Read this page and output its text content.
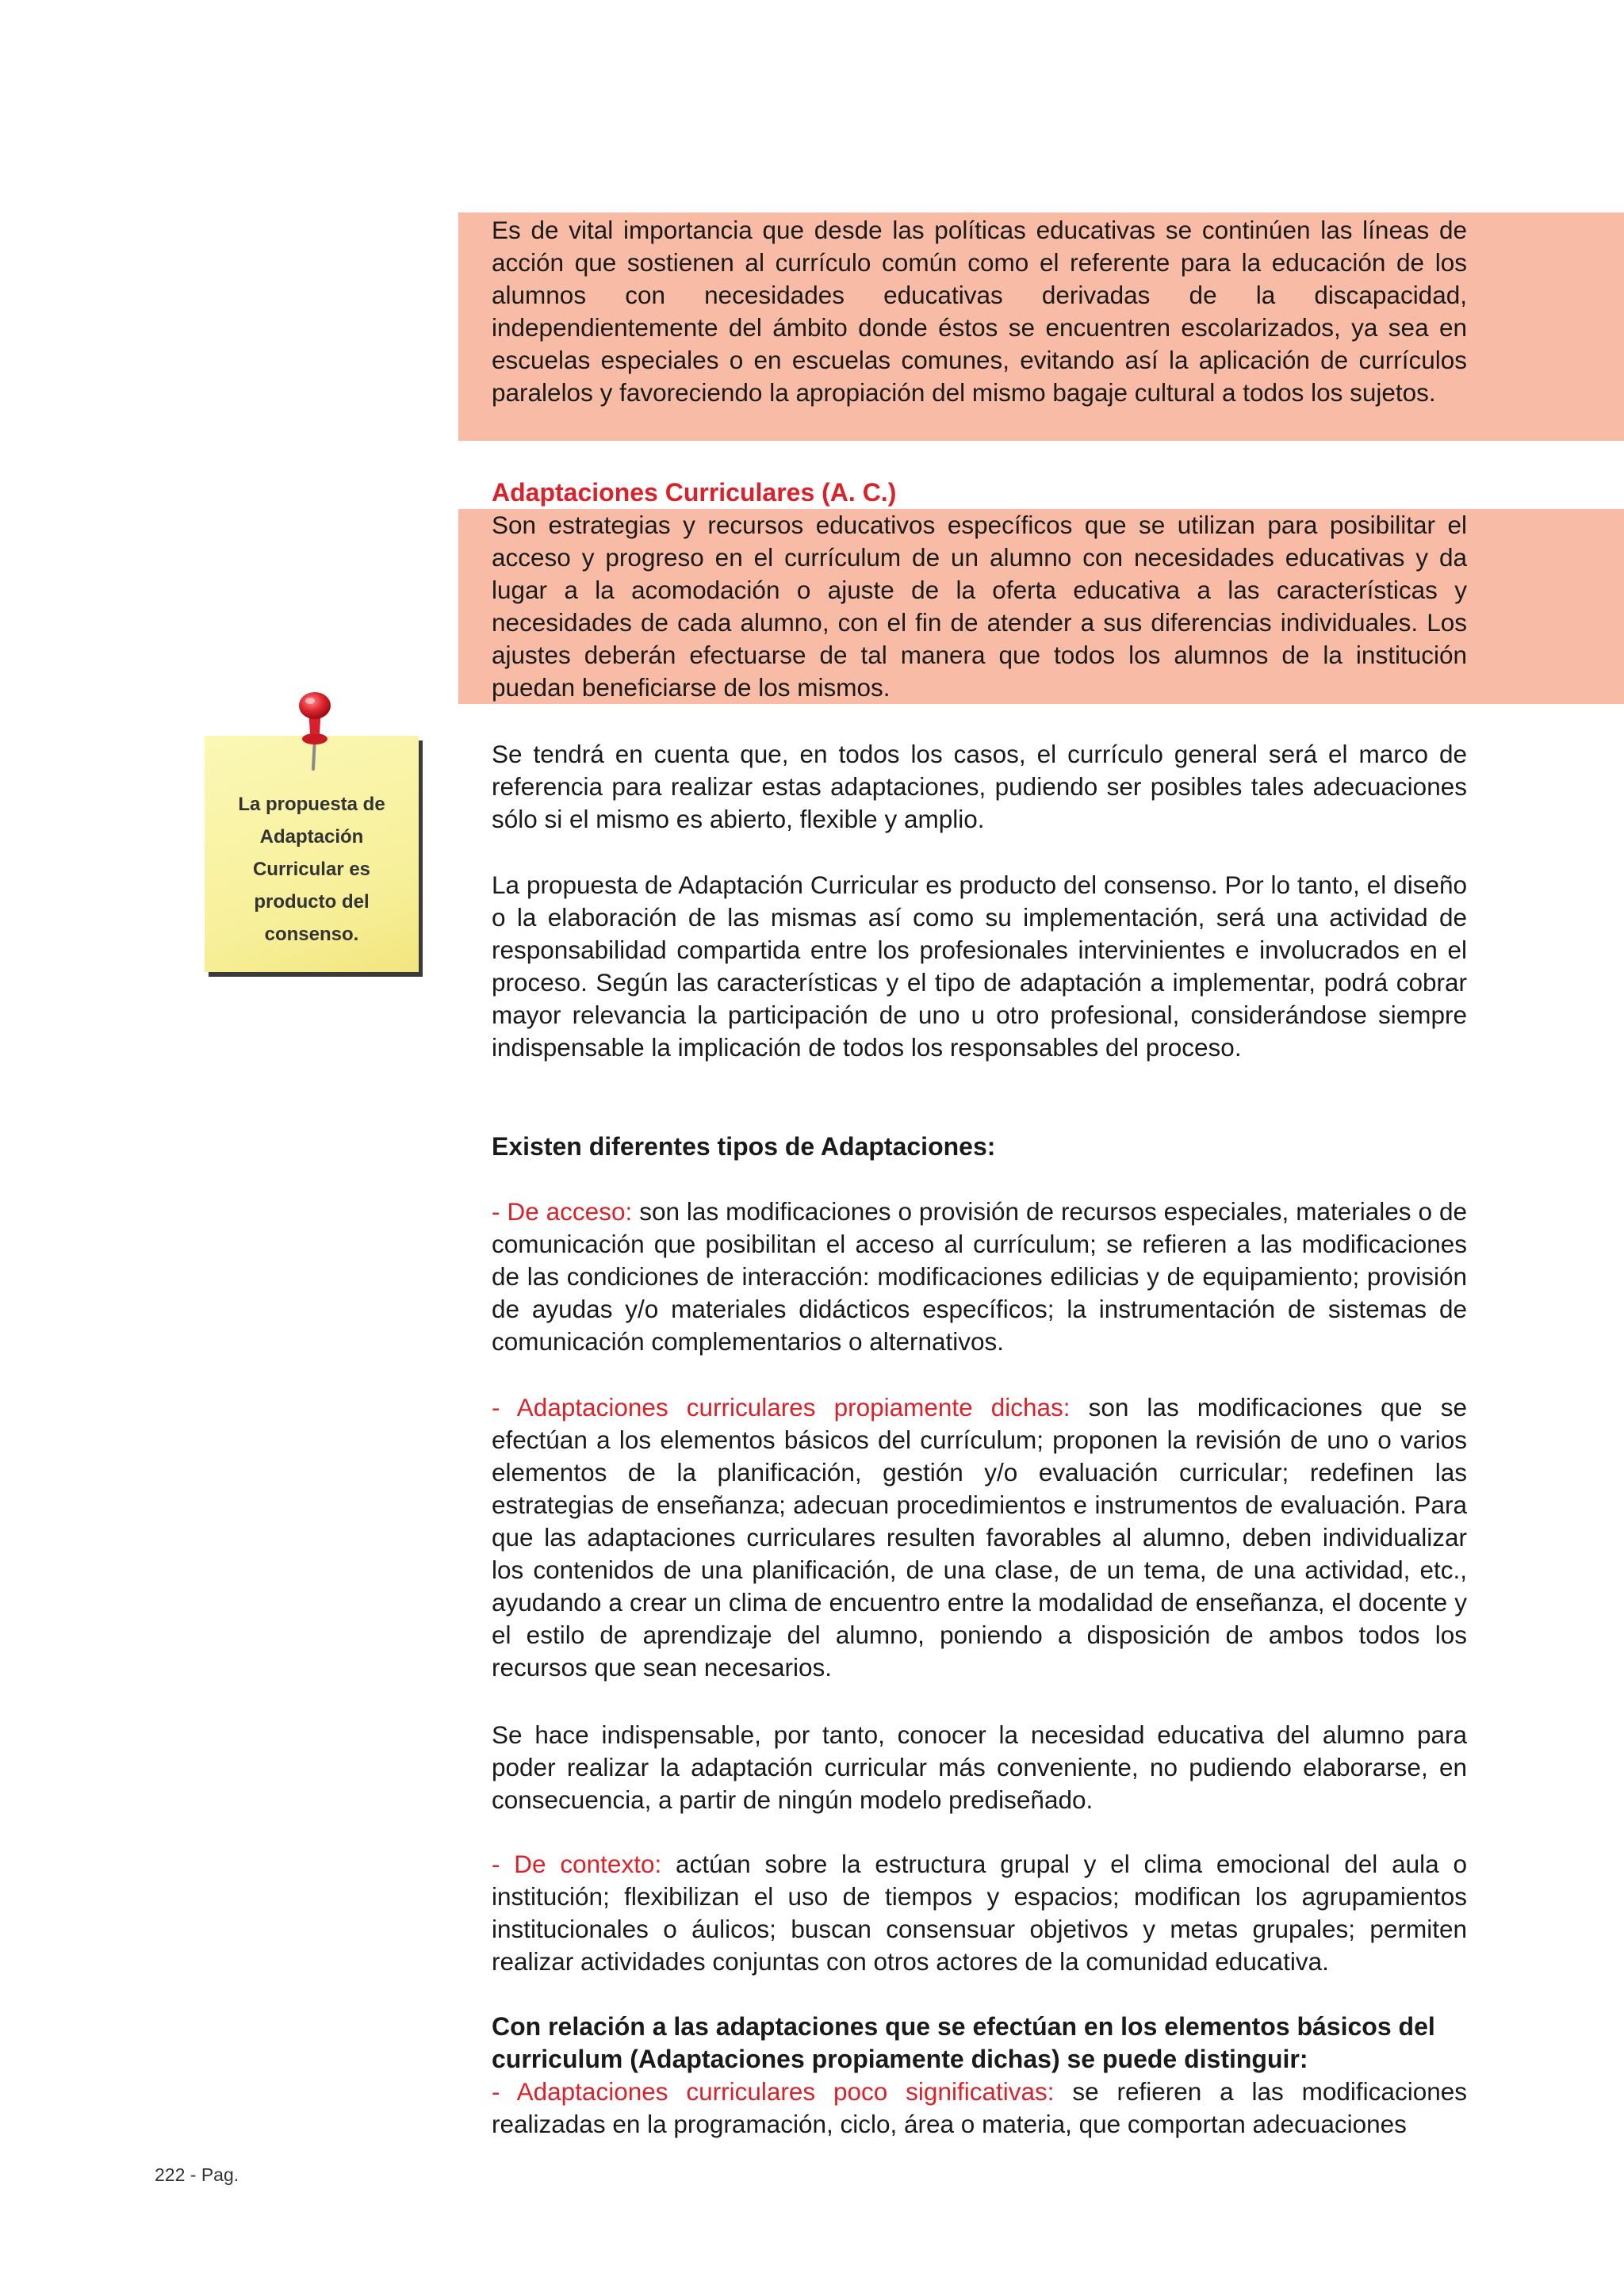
Es de vital importancia que desde las políticas educativas se continúen las líneas de acción que sostienen al currículo común como el referente para la educación de los alumnos con necesidades educativas derivadas de la discapacidad, independientemente del ámbito donde éstos se encuentren escolarizados, ya sea en escuelas especiales o en escuelas comunes, evitando así la aplicación de currículos paralelos y favoreciendo la apropiación del mismo bagaje cultural a todos los sujetos.

Adaptaciones Curriculares (A. C.)

Son estrategias y recursos educativos específicos que se utilizan para posibilitar el acceso y progreso en el currículum de un alumno con necesidades educativas y da lugar a la acomodación o ajuste de la oferta educativa a las características y necesidades de cada alumno, con el fin de atender a sus diferencias individuales. Los ajustes deberán efectuarse de tal manera que todos los alumnos de la institución puedan beneficiarse de los mismos.

Se tendrá en cuenta que, en todos los casos, el currículo general será el marco de referencia para realizar estas adaptaciones, pudiendo ser posibles tales adecuaciones sólo si el mismo es abierto, flexible y amplio.

La propuesta de Adaptación Curricular es producto del consenso. Por lo tanto, el diseño o la elaboración de las mismas así como su implementación, será una actividad de responsabilidad compartida entre los profesionales intervinientes e involucrados en el proceso. Según las características y el tipo de adaptación a implementar, podrá cobrar mayor relevancia la participación de uno u otro profesional, considerándose siempre indispensable la implicación de todos los responsables del proceso.

Existen diferentes tipos de Adaptaciones:

- De acceso: son las modificaciones o provisión de recursos especiales, materiales o de comunicación que posibilitan el acceso al currículum; se refieren a las modificaciones de las condiciones de interacción: modificaciones edilicias y de equipamiento; provisión de ayudas y/o materiales didácticos específicos; la instrumentación de sistemas de comunicación complementarios o alternativos.

- Adaptaciones curriculares propiamente dichas: son las modificaciones que se efectúan a los elementos básicos del currículum; proponen la revisión de uno o varios elementos de la planificación, gestión y/o evaluación curricular; redefinen las estrategias de enseñanza; adecuan procedimientos e instrumentos de evaluación. Para que las adaptaciones curriculares resulten favorables al alumno, deben individualizar los contenidos de una planificación, de una clase, de un tema, de una actividad, etc., ayudando a crear un clima de encuentro entre la modalidad de enseñanza, el docente y el estilo de aprendizaje del alumno, poniendo a disposición de ambos todos los recursos que sean necesarios.

Se hace indispensable, por tanto, conocer la necesidad educativa del alumno para poder realizar la adaptación curricular más conveniente, no pudiendo elaborarse, en consecuencia, a partir de ningún modelo prediseñado.

- De contexto: actúan sobre la estructura grupal y el clima emocional del aula o institución; flexibilizan el uso de tiempos y espacios; modifican los agrupamientos institucionales o áulicos; buscan consensuar objetivos y metas grupales; permiten realizar actividades conjuntas con otros actores de la comunidad educativa.

Con relación a las adaptaciones que se efectúan en los elementos básicos del curriculum (Adaptaciones propiamente dichas) se puede distinguir:

- Adaptaciones curriculares poco significativas: se refieren a las modificaciones realizadas en la programación, ciclo, área o materia, que comportan adecuaciones

La propuesta de Adaptación Curricular es producto del consenso.

222 - Pag.
